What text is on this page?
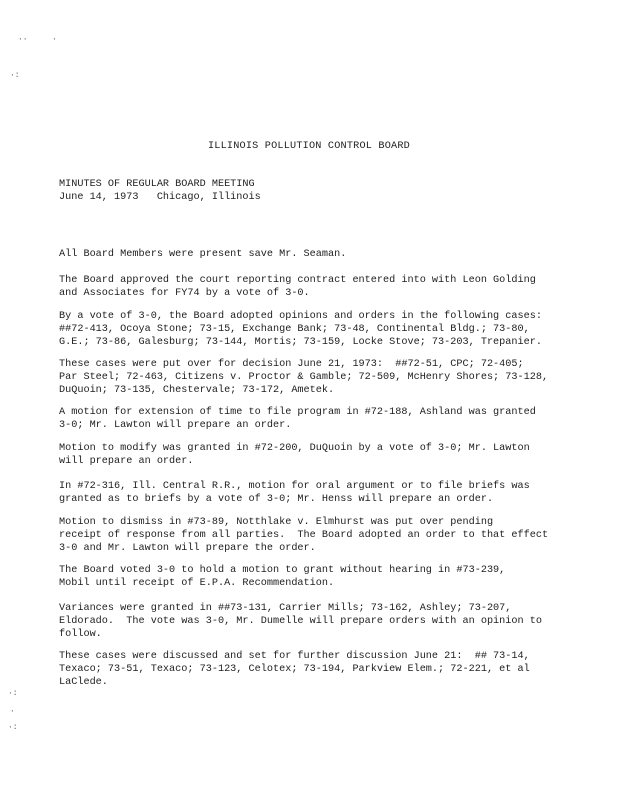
··	·
·:
·:
·
·:
ILLINOIS POLLUTION CONTROL BOARD
MINUTES OF REGULAR BOARD MEETING
June 14, 1973   Chicago, Illinois
All Board Members were present save Mr. Seaman.
The Board approved the court reporting contract entered into with Leon Golding
and Associates for FY74 by a vote of 3-0.
By a vote of 3-0, the Board adopted opinions and orders in the following cases:
##72-413, Ocoya Stone; 73-15, Exchange Bank; 73-48, Continental Bldg.; 73-80,
G.E.; 73-86, Galesburg; 73-144, Mortis; 73-159, Locke Stove; 73-203, Trepanier.
These cases were put over for decision June 21, 1973:  ##72-51, CPC; 72-405;
Par Steel; 72-463, Citizens v. Proctor & Gamble; 72-509, McHenry Shores; 73-128,
DuQuoin; 73-135, Chestervale; 73-172, Ametek.
A motion for extension of time to file program in #72-188, Ashland was granted
3-0; Mr. Lawton will prepare an order.
Motion to modify was granted in #72-200, DuQuoin by a vote of 3-0; Mr. Lawton
will prepare an order.
In #72-316, Ill. Central R.R., motion for oral argument or to file briefs was
granted as to briefs by a vote of 3-0; Mr. Henss will prepare an order.
Motion to dismiss in #73-89, Notthlake v. Elmhurst was put over pending
receipt of response from all parties.  The Board adopted an order to that effect
3-0 and Mr. Lawton will prepare the order.
The Board voted 3-0 to hold a motion to grant without hearing in #73-239,
Mobil until receipt of E.P.A. Recommendation.
Variances were granted in ##73-131, Carrier Mills; 73-162, Ashley; 73-207,
Eldorado.  The vote was 3-0, Mr. Dumelle will prepare orders with an opinion to
follow.
These cases were discussed and set for further discussion June 21:  ## 73-14,
Texaco; 73-51, Texaco; 73-123, Celotex; 73-194, Parkview Elem.; 72-221, et al
LaClede.
